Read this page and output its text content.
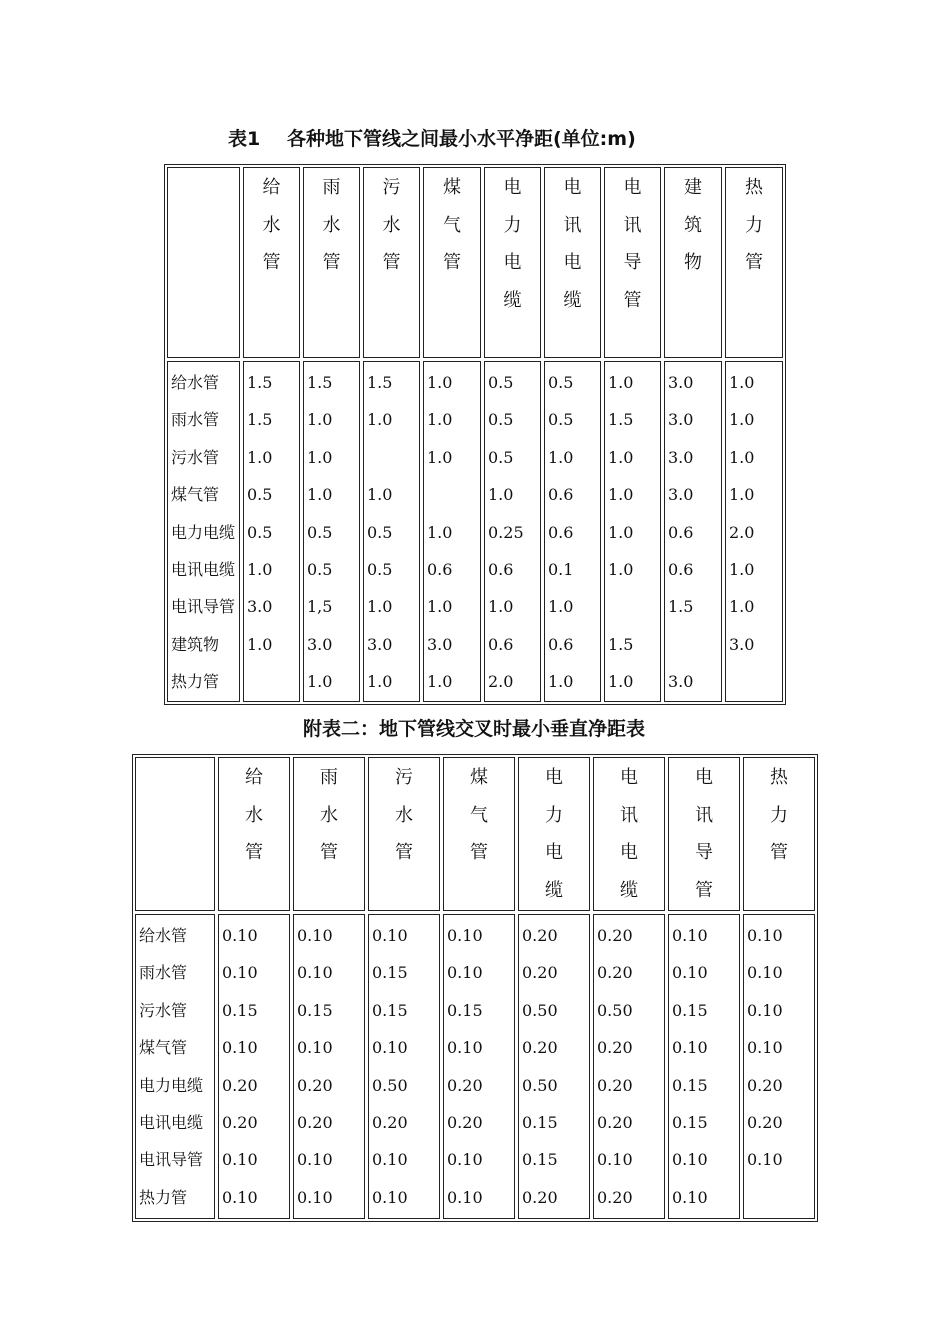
表1 各种地下管线之间最小水平净距(单位:m)
附表二：地下管线交叉时最小垂直净距表
给水管
雨水管
污水管
煤气管
电力电缆
电讯电缆
电讯导管
建筑物
热力管
给
水
管
1.5
1.5
1.0
0.5
0.5
1.0
3.0
1.0

雨
水
管
1.5
1.0
1.0
1.0
0.5
0.5
1,5
3.0
1.0
污
水
管
1.5
1.0

1.0
0.5
0.5
1.0
3.0
1.0
煤
气
管
1.0
1.0
1.0

1.0
0.6
1.0
3.0
1.0
电
力
电
缆
0.5
0.5
0.5
1.0
0.25
0.6
1.0
0.6
2.0
电
讯
电
缆
0.5
0.5
1.0
0.6
0.6
0.1
1.0
0.6
1.0
电
讯
导
管
1.0
1.5
1.0
1.0
1.0
1.0

1.5
1.0
建
筑
物
3.0
3.0
3.0
3.0
0.6
0.6
1.5

3.0
热
力
管
1.0
1.0
1.0
1.0
2.0
1.0
1.0
3.0

给水管
雨水管
污水管
煤气管
电力电缆
电讯电缆
电讯导管
热力管
给
水
管
0.10
0.10
0.15
0.10
0.20
0.20
0.10
0.10
雨
水
管
0.10
0.10
0.15
0.10
0.20
0.20
0.10
0.10
污
水
管
0.10
0.15
0.15
0.10
0.50
0.20
0.10
0.10
煤
气
管
0.10
0.10
0.15
0.10
0.20
0.20
0.10
0.10
电
力
电
缆
0.20
0.20
0.50
0.20
0.50
0.15
0.15
0.20
电
讯
电
缆
0.20
0.20
0.50
0.20
0.20
0.20
0.10
0.20
电
讯
导
管
0.10
0.10
0.15
0.10
0.15
0.15
0.10
0.10
热
力
管
0.10
0.10
0.10
0.10
0.20
0.20
0.10
